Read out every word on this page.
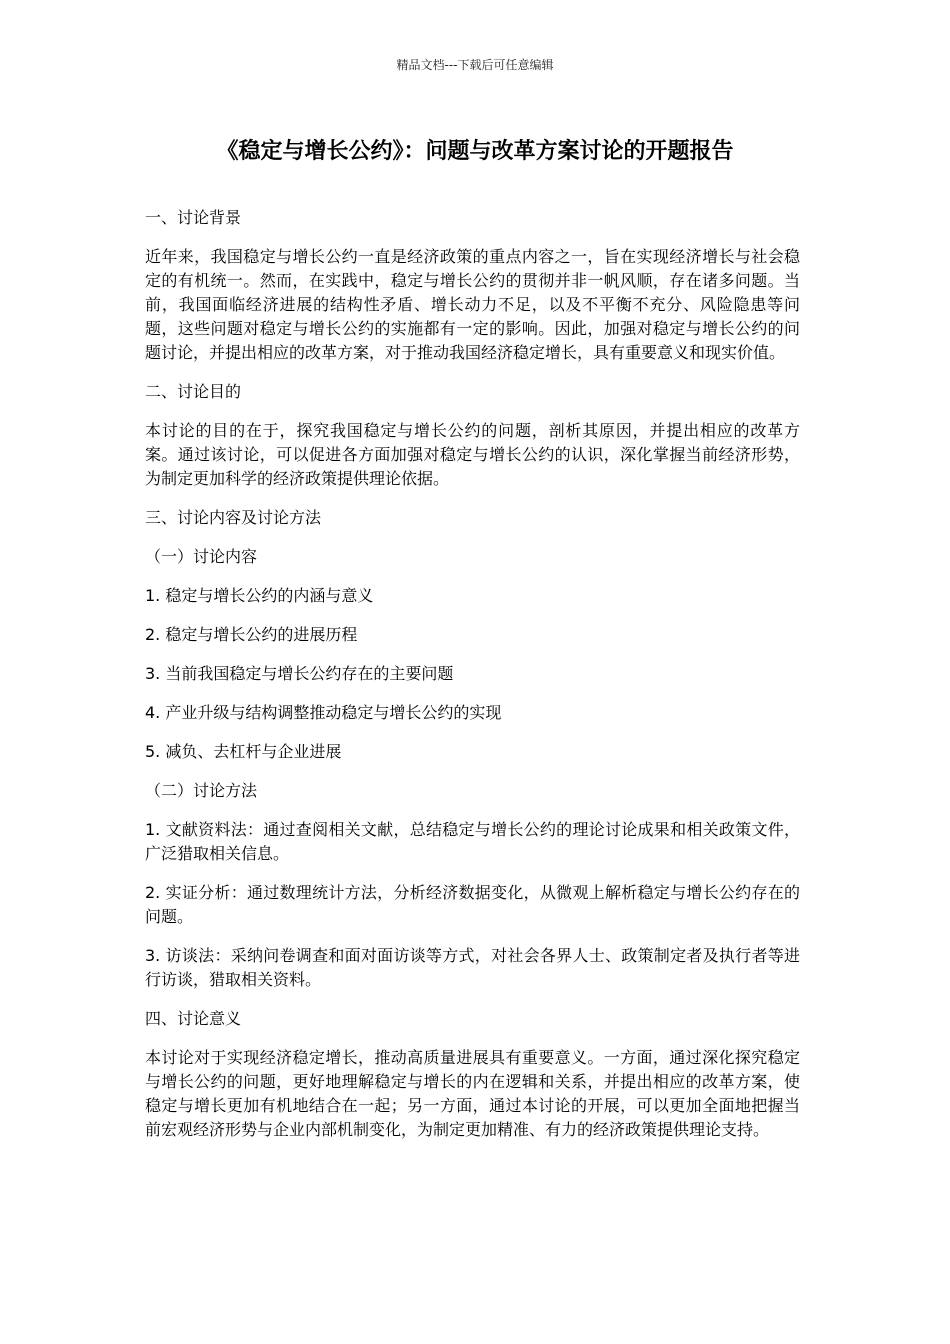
精品文档---下载后可任意编辑
《稳定与增长公约》：问题与改革方案讨论的开题报告

一、讨论背景

近年来，我国稳定与增长公约一直是经济政策的重点内容之一，旨在实现经济增长与社会稳定的有机统一。然而，在实践中，稳定与增长公约的贯彻并非一帆风顺，存在诸多问题。当前，我国面临经济进展的结构性矛盾、增长动力不足，以及不平衡不充分、风险隐患等问题，这些问题对稳定与增长公约的实施都有一定的影响。因此，加强对稳定与增长公约的问题讨论，并提出相应的改革方案，对于推动我国经济稳定增长，具有重要意义和现实价值。

二、讨论目的

本讨论的目的在于，探究我国稳定与增长公约的问题，剖析其原因，并提出相应的改革方案。通过该讨论，可以促进各方面加强对稳定与增长公约的认识，深化掌握当前经济形势，为制定更加科学的经济政策提供理论依据。

三、讨论内容及讨论方法

（一）讨论内容

1. 稳定与增长公约的内涵与意义

2. 稳定与增长公约的进展历程

3. 当前我国稳定与增长公约存在的主要问题

4. 产业升级与结构调整推动稳定与增长公约的实现

5. 减负、去杠杆与企业进展

（二）讨论方法

1. 文献资料法：通过查阅相关文献，总结稳定与增长公约的理论讨论成果和相关政策文件，广泛猎取相关信息。

2. 实证分析：通过数理统计方法，分析经济数据变化，从微观上解析稳定与增长公约存在的问题。

3. 访谈法：采纳问卷调查和面对面访谈等方式，对社会各界人士、政策制定者及执行者等进行访谈，猎取相关资料。

四、讨论意义

本讨论对于实现经济稳定增长，推动高质量进展具有重要意义。一方面，通过深化探究稳定与增长公约的问题，更好地理解稳定与增长的内在逻辑和关系，并提出相应的改革方案，使稳定与增长更加有机地结合在一起；另一方面，通过本讨论的开展，可以更加全面地把握当前宏观经济形势与企业内部机制变化，为制定更加精准、有力的经济政策提供理论支持。
